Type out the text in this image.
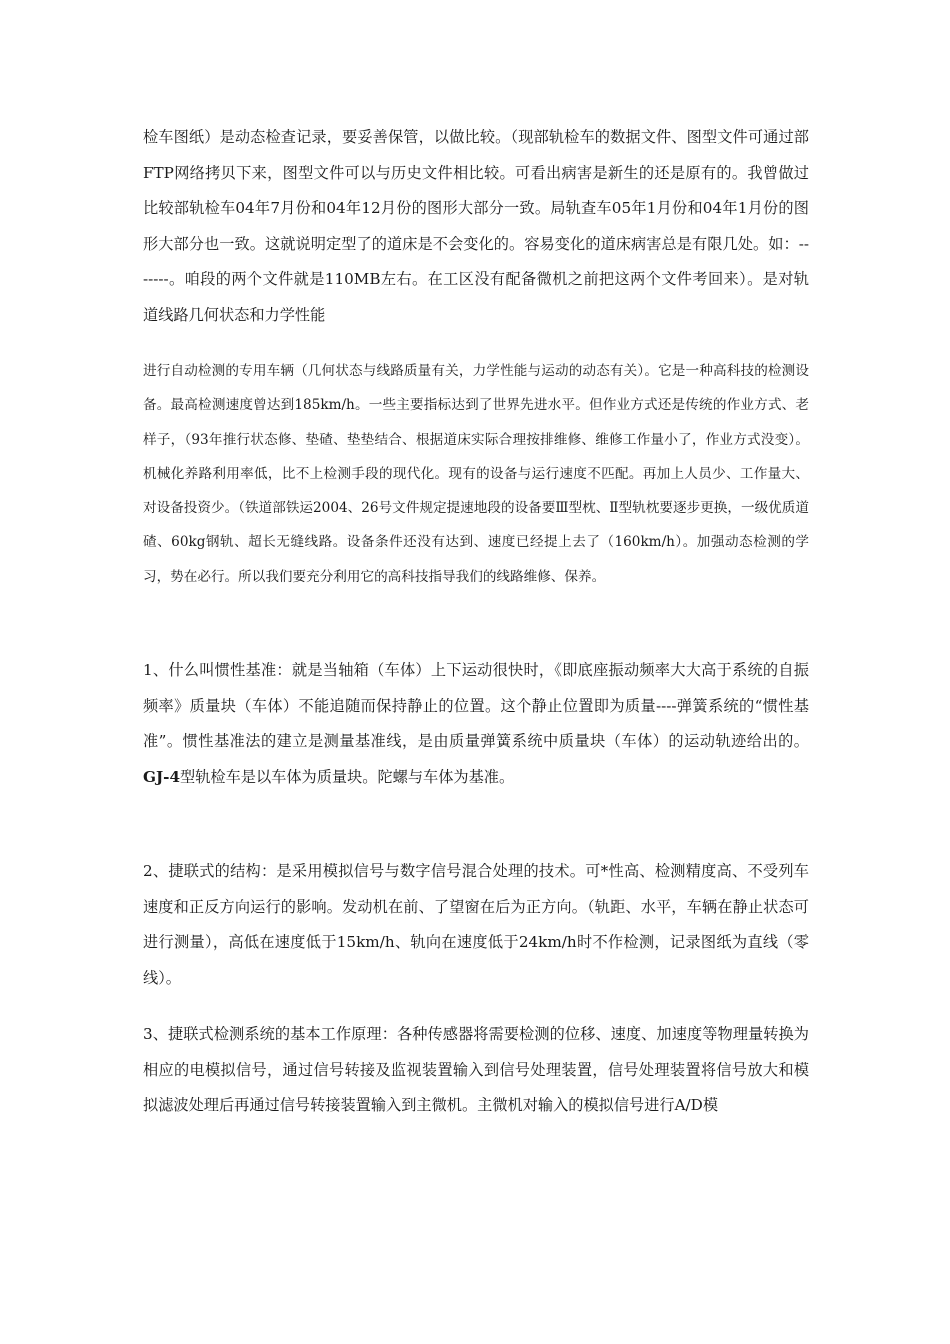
检车图纸）是动态检查记录，要妥善保管，以做比较。（现部轨检车的数据文件、图型文件可通过部FTP网络拷贝下来，图型文件可以与历史文件相比较。可看出病害是新生的还是原有的。我曾做过比较部轨检车04年7月份和04年12月份的图形大部分一致。局轨查车05年1月份和04年1月份的图形大部分也一致。这就说明定型了的道床是不会变化的。容易变化的道床病害总是有限几处。如：-------。咱段的两个文件就是110MB左右。在工区没有配备微机之前把这两个文件考回来）。是对轨道线路几何状态和力学性能

进行自动检测的专用车辆（几何状态与线路质量有关，力学性能与运动的动态有关）。它是一种高科技的检测设备。最高检测速度曾达到185km/h。一些主要指标达到了世界先进水平。但作业方式还是传统的作业方式、老样子，（93年推行状态修、垫碴、垫垫结合、根据道床实际合理按排维修、维修工作量小了，作业方式没变）。机械化养路利用率低，比不上检测手段的现代化。现有的设备与运行速度不匹配。再加上人员少、工作量大、对设备投资少。（铁道部铁运2004、26号文件规定提速地段的设备要Ⅲ型枕、Ⅱ型轨枕要逐步更换，一级优质道碴、60kg钢轨、超长无缝线路。设备条件还没有达到、速度已经提上去了（160km/h）。加强动态检测的学习，势在必行。所以我们要充分利用它的高科技指导我们的线路维修、保养。

1、什么叫惯性基准：就是当轴箱（车体）上下运动很快时，《即底座振动频率大大高于系统的自振频率》质量块（车体）不能追随而保持静止的位置。这个静止位置即为质量----弹簧系统的“惯性基准”。惯性基准法的建立是测量基准线，是由质量弹簧系统中质量块（车体）的运动轨迹给出的。GJ-4型轨检车是以车体为质量块。陀螺与车体为基准。

2、捷联式的结构：是采用模拟信号与数字信号混合处理的技术。可*性高、检测精度高、不受列车速度和正反方向运行的影响。发动机在前、了望窗在后为正方向。（轨距、水平，车辆在静止状态可进行测量），高低在速度低于15km/h、轨向在速度低于24km/h时不作检测，记录图纸为直线（零线）。

3、捷联式检测系统的基本工作原理：各种传感器将需要检测的位移、速度、加速度等物理量转换为相应的电模拟信号，通过信号转接及监视装置输入到信号处理装置，信号处理装置将信号放大和模拟滤波处理后再通过信号转接装置输入到主微机。主微机对输入的模拟信号进行A/D模
